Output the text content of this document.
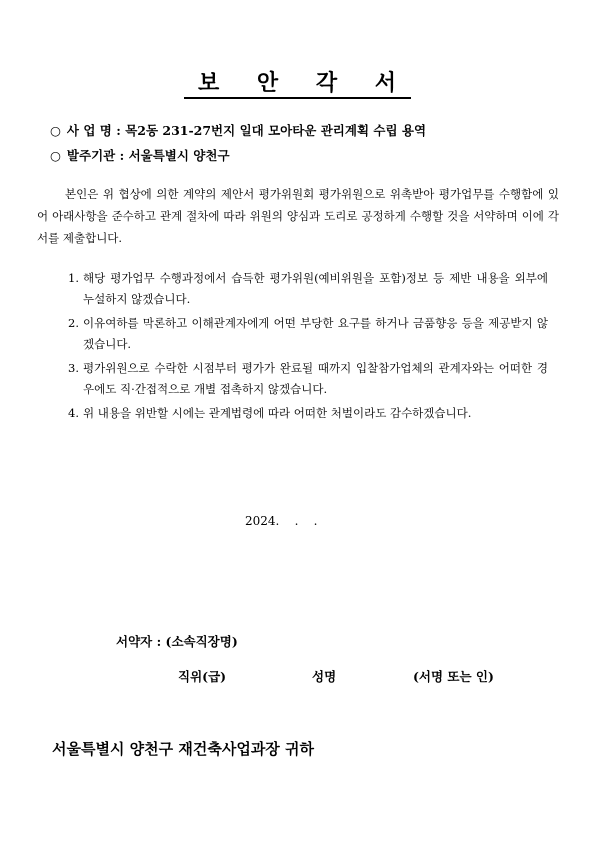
보 안 각 서
○ 사 업 명 : 목2동 231-27번지 일대 모아타운 관리계획 수립 용역
○ 발주기관 : 서울특별시 양천구
본인은 위 협상에 의한 계약의 제안서 평가위원회 평가위원으로 위촉받아 평가업무를 수행함에 있어 아래사항을 준수하고 관계 절차에 따라 위원의 양심과 도리로 공정하게 수행할 것을 서약하며 이에 각서를 제출합니다.
1. 해당 평가업무 수행과정에서 습득한 평가위원(예비위원을 포함)정보 등 제반 내용을 외부에 누설하지 않겠습니다.
2. 이유여하를 막론하고 이해관계자에게 어떤 부당한 요구를 하거나 금품향응 등을 제공받지 않겠습니다.
3. 평가위원으로 수락한 시점부터 평가가 완료될 때까지 입찰참가업체의 관계자와는 어떠한 경우에도 직·간접적으로 개별 접촉하지 않겠습니다.
4. 위 내용을 위반할 시에는 관계법령에 따라 어떠한 처벌이라도 감수하겠습니다.
2024.    .    .
서약자 : (소속직장명)
직위(급)	성명	(서명 또는 인)
서울특별시 양천구 재건축사업과장 귀하
